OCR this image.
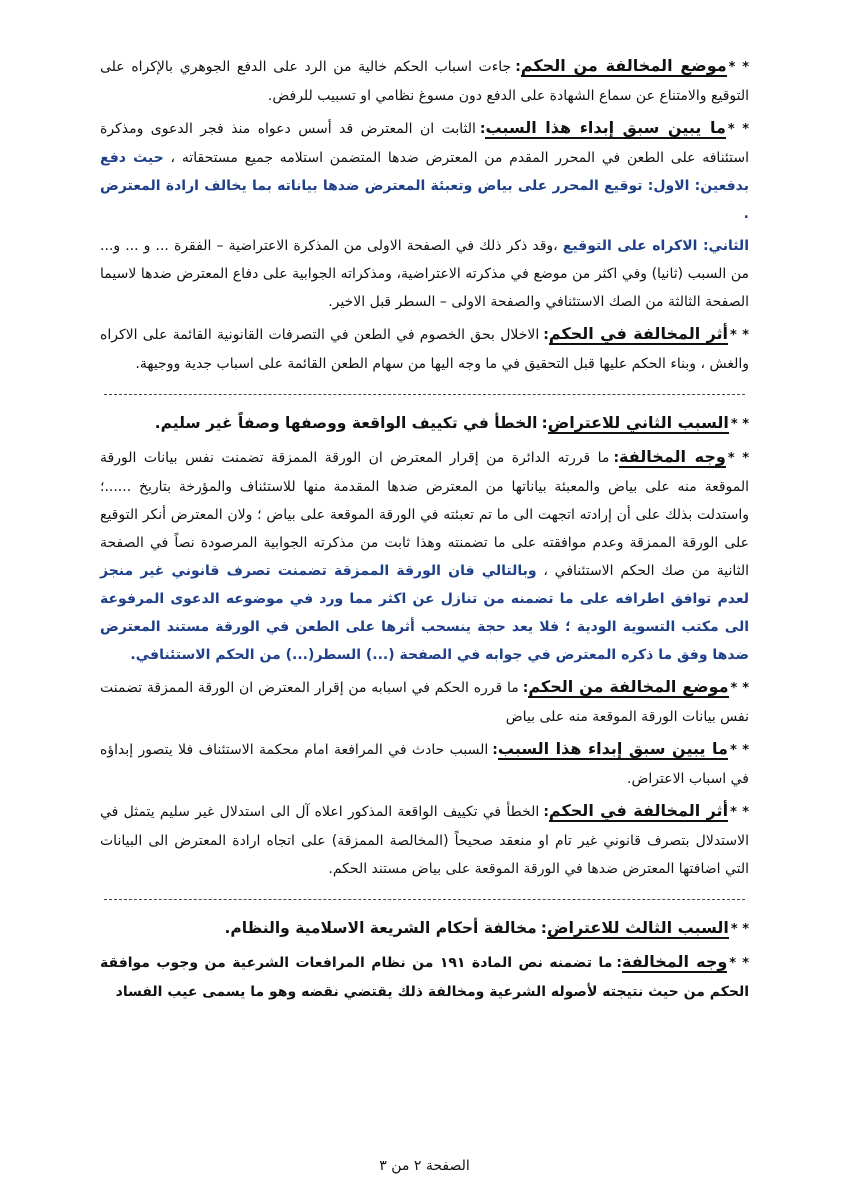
* *موضع المخالفة من الحكم:جاءت اسباب الحكم خالية من الرد على الدفع الجوهري بالإكراه على التوقيع والامتناع عن سماع الشهادة على الدفع دون مسوغ نظامي او تسبيب للرفض.

* *ما يبين سبق إبداء هذا السبب:الثابت ان المعترض قد أسس دعواه منذ فجر الدعوى ومذكرة استئنافه على الطعن في المحرر المقدم من المعترض ضدها المتضمن استلامه جميع مستحقاته ، حيث دفع بدفعين: الاول: توقيع المحرر على بياض وتعبئة المعترض ضدها بياناته بما يخالف ارادة المعترض .

الثاني: الاكراه على التوقيع ،وقد ذكر ذلك في الصفحة الاولى من المذكرة الاعتراضية – الفقرة ... و ... و... من السبب (ثانيا) وفي اكثر من موضع في مذكرته الاعتراضية، ومذكراته الجوابية على دفاع المعترض ضدها لاسيما الصفحة الثالثة من الصك الاستئنافي والصفحة الاولى – السطر قبل الاخير.

* *أثر المخالفة في الحكم:الاخلال بحق الخصوم في الطعن في التصرفات القانونية القائمة على الاكراه والغش ، وبناء الحكم عليها قبل التحقيق في ما وجه اليها من سهام الطعن القائمة على اسباب جدية ووجيهة.

* *السبب الثاني للاعتراض:الخطأ في تكييف الواقعة ووصفها وصفاً غير سليم.

* *وجه المخالفة:ما قررته الدائرة من إقرار المعترض ان الورقة الممزقة تضمنت نفس بيانات الورقة الموقعة منه على بياض والمعبئة بياناتها من المعترض ضدها المقدمة منها للاستئناف والمؤرخة بتاريخ ......؛ واستدلت بذلك على أن إرادته اتجهت الى ما تم تعبئته في الورقة الموقعة على بياض ؛ ولان المعترض أنكر التوقيع على الورقة الممزقة وعدم موافقته على ما تضمنته وهذا ثابت من مذكرته الجوابية المرصودة نصاً في الصفحة الثانية من صك الحكم الاستئنافي ، وبالتالي فان الورقة الممزقة تضمنت تصرف قانوني غير منجز لعدم توافق اطرافه على ما تضمنه من تنازل عن اكثر مما ورد في موضوعه الدعوى المرفوعة الى مكتب التسوية الودية ؛ فلا يعد حجة ينسحب أثرها على الطعن في الورقة مستند المعترض ضدها وفق ما ذكره المعترض في جوابه في الصفحة (...) السطر(...) من الحكم الاستئنافي.

* *موضع المخالفة من الحكم:ما قرره الحكم في اسبابه من إقرار المعترض ان الورقة الممزقة تضمنت نفس بيانات الورقة الموقعة منه على بياض

* *ما يبين سبق إبداء هذا السبب:السبب حادث في المرافعة امام محكمة الاستئناف فلا يتصور إبداؤه في اسباب الاعتراض.

* *أثر المخالفة في الحكم:الخطأ في تكييف الواقعة المذكور اعلاه آل الى استدلال غير سليم يتمثل في الاستدلال بتصرف قانوني غير تام او منعقد صحيحاً (المخالصة الممزقة) على اتجاه ارادة المعترض الى البيانات التي اضافتها المعترض ضدها في الورقة الموقعة على بياض مستند الحكم.

* *السبب الثالث للاعتراض:مخالفة أحكام الشريعة الاسلامية والنظام.

* *وجه المخالفة:ما تضمنه نص المادة ١٩١ من نظام المرافعات الشرعية من وجوب موافقة الحكم من حيث نتيجته لأصوله الشرعية ومخالفة ذلك يقتضي نقضه وهو ما يسمى عيب الفساد

الصفحة ٢ من ٣
